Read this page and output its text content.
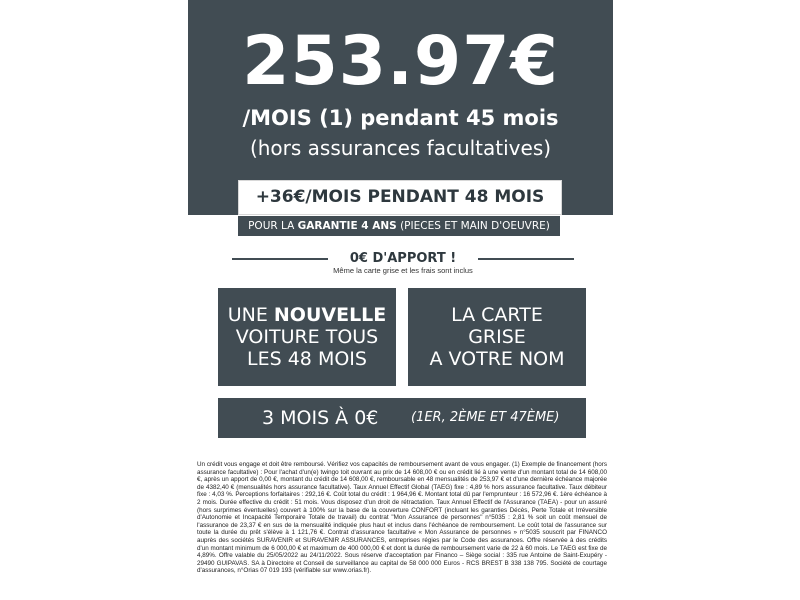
253.97€
/MOIS (1) pendant 45 mois
(hors assurances facultatives)
+36€/MOIS PENDANT 48 MOIS
POUR LA GARANTIE 4 ANS (PIECES ET MAIN D'OEUVRE)
0€ D'APPORT !
Même la carte grise et les frais sont inclus
UNE NOUVELLE
VOITURE TOUS
LES 48 MOIS
LA CARTE
GRISE
A VOTRE NOM
3 MOIS À 0€	(1ER, 2ÈME ET 47ÈME)
Un crédit vous engage et doit être remboursé. Vérifiez vos capacités de remboursement avant de vous engager. (1) Exemple de financement (hors assurance facultative) : Pour l'achat d'un(e) twingo toit ouvrant au prix de 14 608,00 € ou en crédit lié à une vente d'un montant total de 14 608,00 €, après un apport de 0,00 €, montant du crédit de 14 608,00 €, remboursable en 48 mensualités de 253,97 € et d'une dernière échéance majorée de 4382,40 € (mensualités hors assurance facultative). Taux Annuel Effectif Global (TAEG) fixe : 4,89 % hors assurance facultative. Taux débiteur fixe : 4,03 %. Perceptions forfaitaires : 292,16 €. Coût total du crédit : 1 964,96 €. Montant total dû par l'emprunteur : 16 572,96 €. 1ère échéance à 2 mois. Durée effective du crédit : 51 mois. Vous disposez d'un droit de rétractation. Taux Annuel Effectif de l'Assurance (TAEA) - pour un assuré (hors surprimes éventuelles) couvert à 100% sur la base de la couverture CONFORT (incluant les garanties Décès, Perte Totale et Irréversible d'Autonomie et Incapacité Temporaire Totale de travail) du contrat "Mon Assurance de personnes" n°5035 : 2,81 % soit un coût mensuel de l'assurance de 23,37 € en sus de la mensualité indiquée plus haut et inclus dans l'échéance de remboursement. Le coût total de l'assurance sur toute la durée du prêt s'élève à 1 121,76 €. Contrat d'assurance facultative « Mon Assurance de personnes » n°5035 souscrit par FINANCO auprès des sociétés SURAVENIR et SURAVENIR ASSURANCES, entreprises régies par le Code des assurances. Offre réservée à des crédits d'un montant minimum de 6 000,00 € et maximum de 400 000,00 € et dont la durée de remboursement varie de 22 à 60 mois. Le TAEG est fixe de 4,89%. Offre valable du 25/05/2022 au 24/11/2022. Sous réserve d'acceptation par Financo – Siège social : 335 rue Antoine de Saint-Exupéry - 29490 GUIPAVAS. SA à Directoire et Conseil de surveillance au capital de 58 000 000 Euros - RCS BREST B 338 138 795. Société de courtage d'assurances, n°Orias 07 019 193 (vérifiable sur www.orias.fr).
